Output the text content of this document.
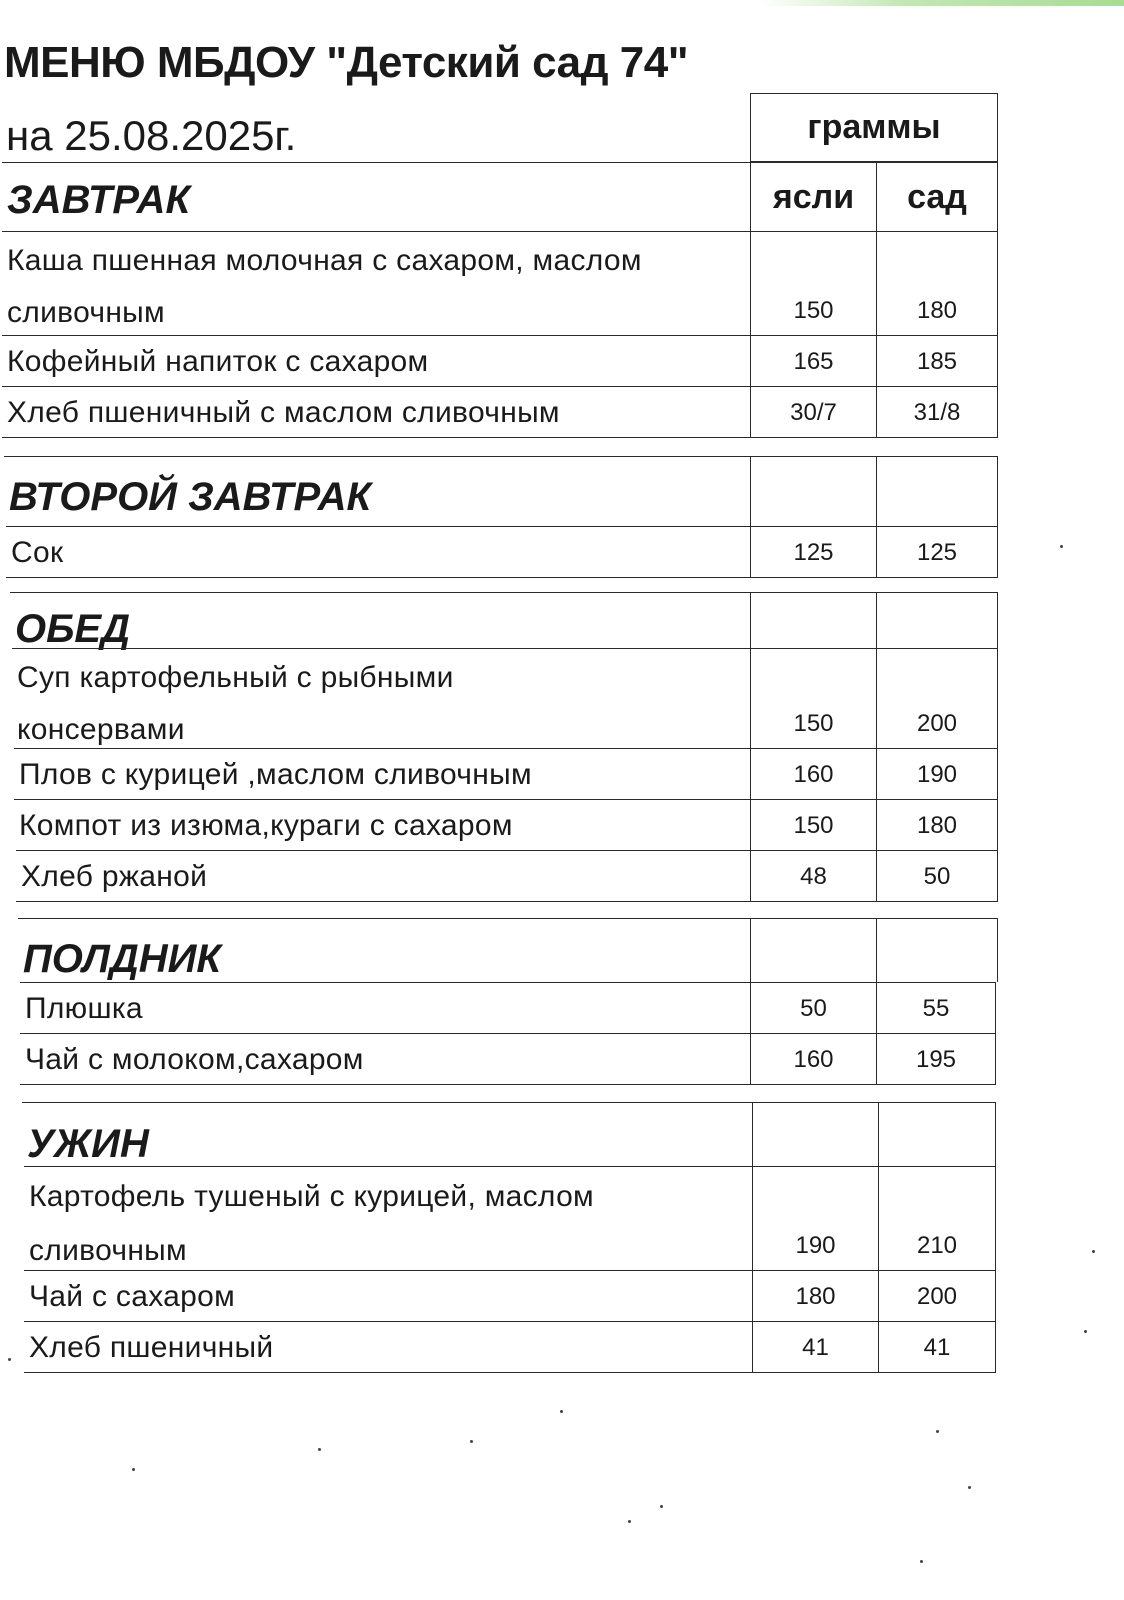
МЕНЮ МБДОУ "Детский сад 74"
на 25.08.2025г.	граммы
ЗАВТРАК	ясли сад
Каша пшенная молочная с сахаром, маслом сливочным	150	180
Кофейный напиток с сахаром	165	185
Хлеб пшеничный с маслом сливочным	30/7	31/8
ВТОРОЙ ЗАВТРАК
Сок	125	125
ОБЕД
Суп картофельный с рыбными консервами	150	200
Плов с курицей ,маслом сливочным	160	190
Компот из изюма,кураги с сахаром	150	180
Хлеб ржаной	48	50
ПОЛДНИК
Плюшка	50	55
Чай с молоком,сахаром	160	195
УЖИН
Картофель тушеный с курицей, маслом сливочным	190	210
Чай с сахаром	180	200
Хлеб пшеничный	41	41
